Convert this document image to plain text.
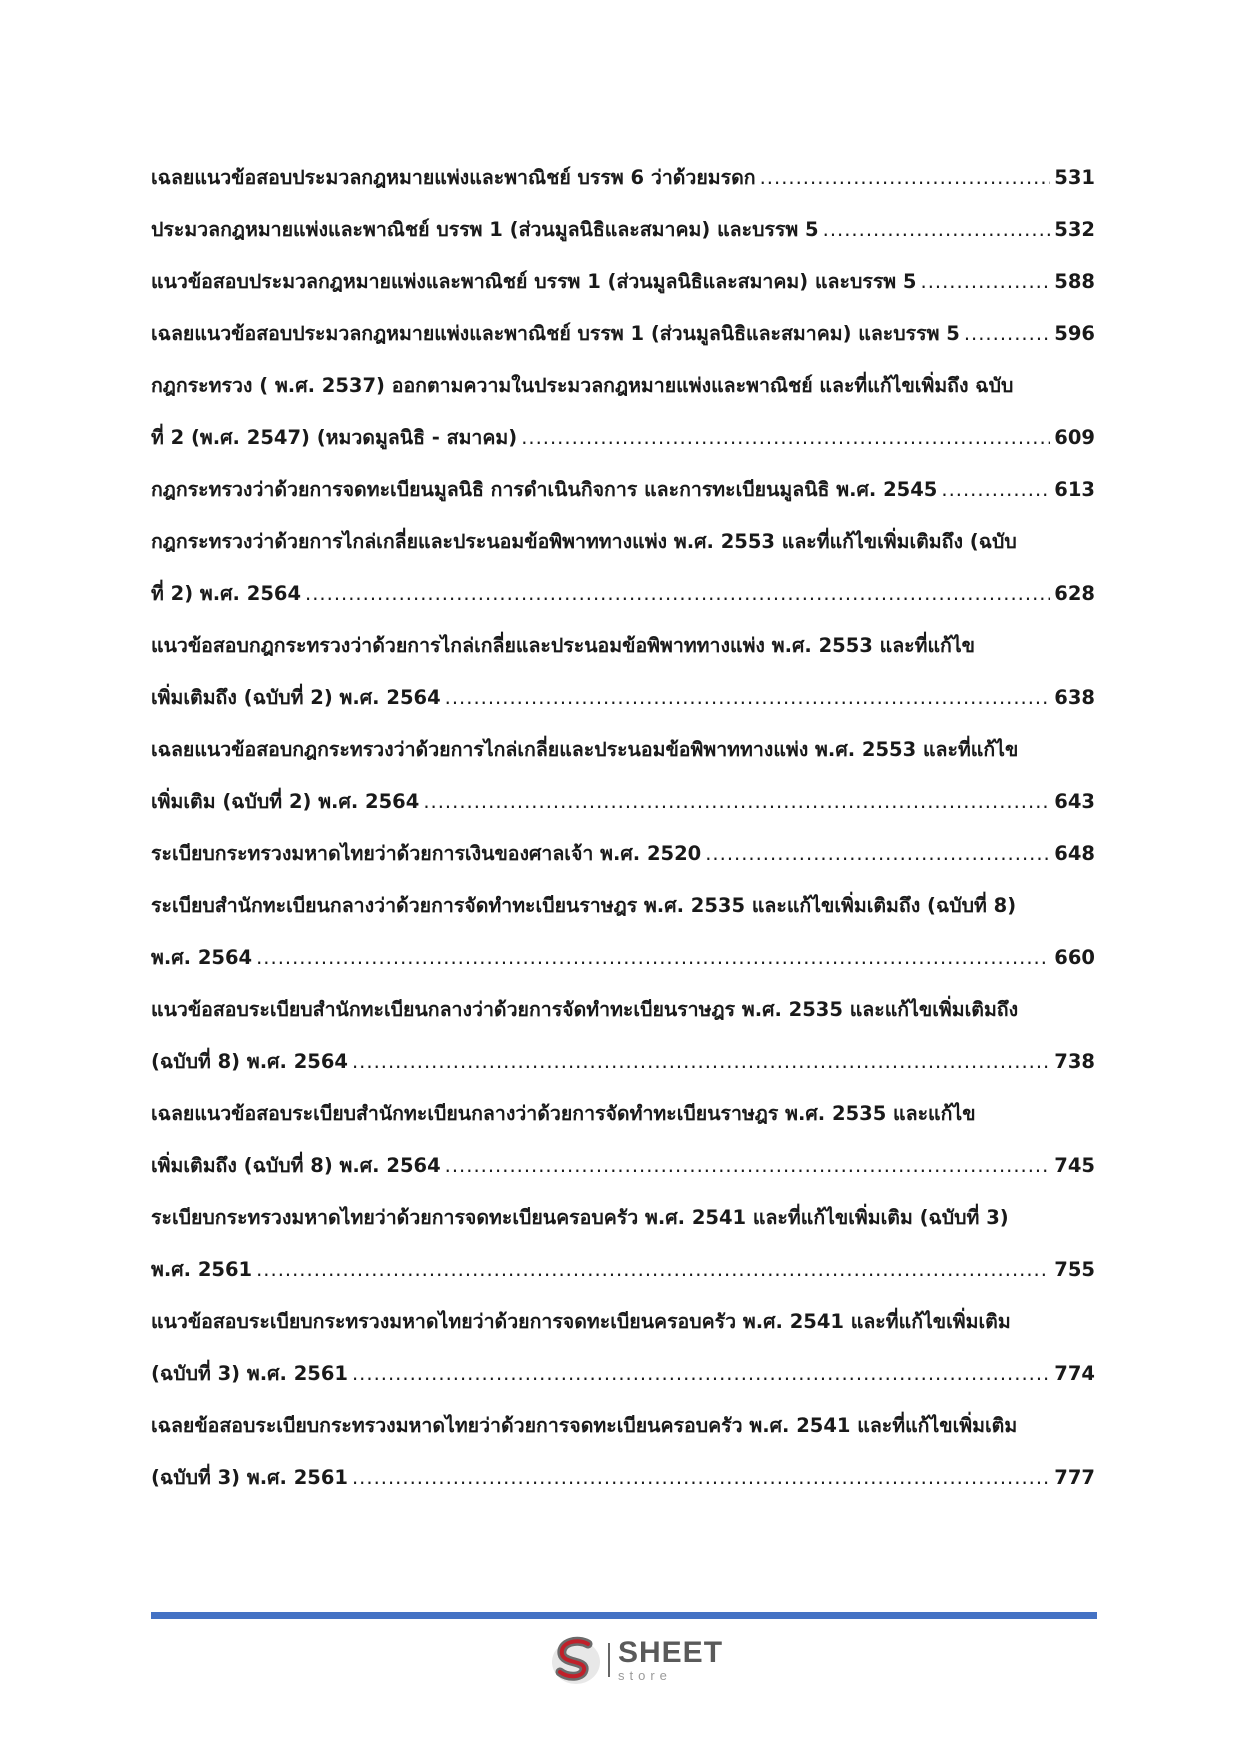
เฉลยแนวข้อสอบประมวลกฎหมายแพ่งและพาณิชย์ บรรพ 6 ว่าด้วยมรดก .....	531
ประมวลกฎหมายแพ่งและพาณิชย์ บรรพ 1 (ส่วนมูลนิธิและสมาคม) และบรรพ 5 .....	532
แนวข้อสอบประมวลกฎหมายแพ่งและพาณิชย์ บรรพ 1 (ส่วนมูลนิธิและสมาคม) และบรรพ 5 .....	588
เฉลยแนวข้อสอบประมวลกฎหมายแพ่งและพาณิชย์ บรรพ 1 (ส่วนมูลนิธิและสมาคม) และบรรพ 5 .....	596
กฎกระทรวง ( พ.ศ. 2537) ออกตามความในประมวลกฎหมายแพ่งและพาณิชย์ และที่แก้ไขเพิ่มถึง ฉบับ
ที่ 2 (พ.ศ. 2547) (หมวดมูลนิธิ - สมาคม) .....	609
กฎกระทรวงว่าด้วยการจดทะเบียนมูลนิธิ การดำเนินกิจการ และการทะเบียนมูลนิธิ พ.ศ. 2545 .....	613
กฎกระทรวงว่าด้วยการไกล่เกลี่ยและประนอมข้อพิพาททางแพ่ง พ.ศ. 2553 และที่แก้ไขเพิ่มเติมถึง (ฉบับ
ที่ 2) พ.ศ. 2564 .....	628
แนวข้อสอบกฎกระทรวงว่าด้วยการไกล่เกลี่ยและประนอมข้อพิพาททางแพ่ง พ.ศ. 2553 และที่แก้ไข
เพิ่มเติมถึง (ฉบับที่ 2) พ.ศ. 2564 .....	638
เฉลยแนวข้อสอบกฎกระทรวงว่าด้วยการไกล่เกลี่ยและประนอมข้อพิพาททางแพ่ง พ.ศ. 2553 และที่แก้ไข
เพิ่มเติม (ฉบับที่ 2) พ.ศ. 2564 .....	643
ระเบียบกระทรวงมหาดไทยว่าด้วยการเงินของศาลเจ้า พ.ศ. 2520 .....	648
ระเบียบสำนักทะเบียนกลางว่าด้วยการจัดทำทะเบียนราษฎร พ.ศ. 2535 และแก้ไขเพิ่มเติมถึง (ฉบับที่ 8)
พ.ศ. 2564 .....	660
แนวข้อสอบระเบียบสำนักทะเบียนกลางว่าด้วยการจัดทำทะเบียนราษฎร พ.ศ. 2535 และแก้ไขเพิ่มเติมถึง
(ฉบับที่ 8) พ.ศ. 2564 .....	738
เฉลยแนวข้อสอบระเบียบสำนักทะเบียนกลางว่าด้วยการจัดทำทะเบียนราษฎร พ.ศ. 2535 และแก้ไข
เพิ่มเติมถึง (ฉบับที่ 8) พ.ศ. 2564 .....	745
ระเบียบกระทรวงมหาดไทยว่าด้วยการจดทะเบียนครอบครัว พ.ศ. 2541 และที่แก้ไขเพิ่มเติม (ฉบับที่ 3)
พ.ศ. 2561 .....	755
แนวข้อสอบระเบียบกระทรวงมหาดไทยว่าด้วยการจดทะเบียนครอบครัว พ.ศ. 2541 และที่แก้ไขเพิ่มเติม
(ฉบับที่ 3) พ.ศ. 2561 .....	774
เฉลยข้อสอบระเบียบกระทรวงมหาดไทยว่าด้วยการจดทะเบียนครอบครัว พ.ศ. 2541 และที่แก้ไขเพิ่มเติม
(ฉบับที่ 3) พ.ศ. 2561 .....	777
SHEET
store
